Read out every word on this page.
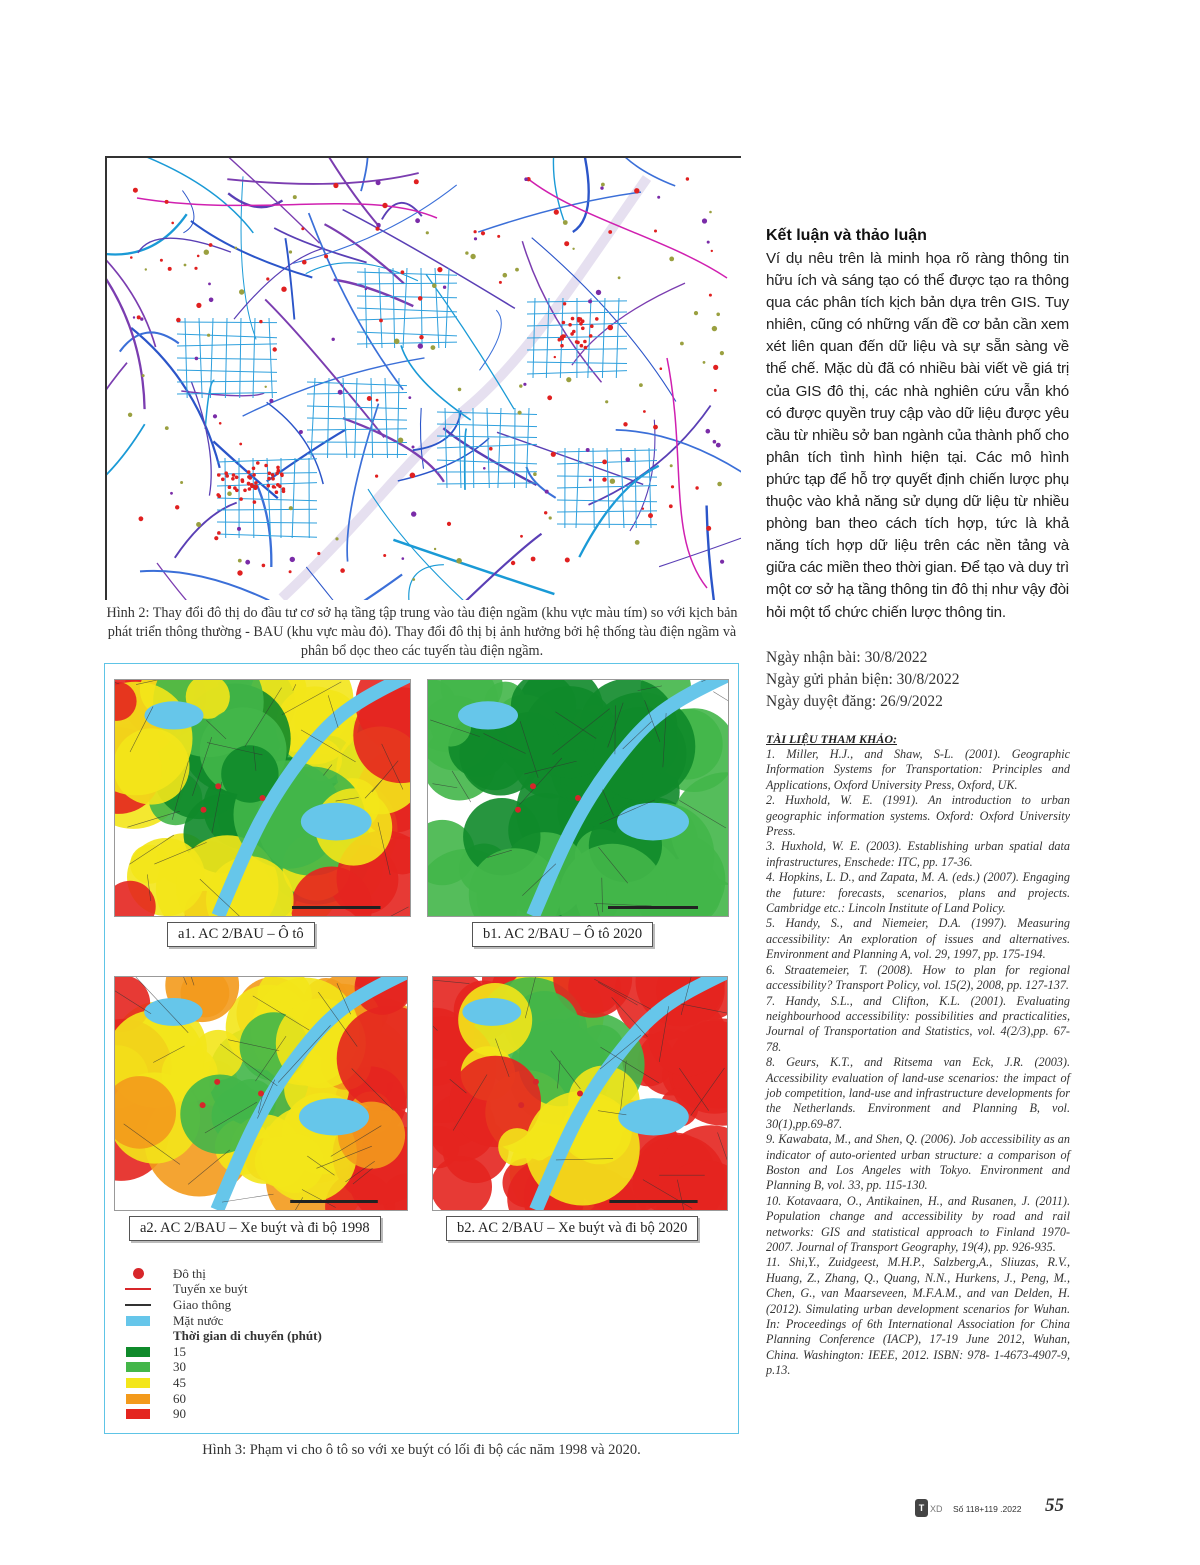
Hình 2: Thay đổi đô thị do đầu tư cơ sở hạ tầng tập trung vào tàu điện ngầm (khu vực màu tím) so với kịch bản phát triển thông thường - BAU (khu vực màu đỏ). Thay đổi đô thị bị ảnh hưởng bởi hệ thống tàu điện ngầm và phân bổ dọc theo các tuyến tàu điện ngầm.
a1. AC 2/BAU – Ô tô	b1. AC 2/BAU – Ô tô 2020
a2. AC 2/BAU – Xe buýt và đi bộ 1998	b2. AC 2/BAU – Xe buýt và đi bộ 2020
Đô thị
Tuyến xe buýt
Giao thông
Mặt nước
Thời gian di chuyển (phút)
15
30
45
60
90
Hình 3: Phạm vi cho ô tô so với xe buýt có lối đi bộ các năm 1998 và 2020.
Kết luận và thảo luận
Ví dụ nêu trên là minh họa rõ ràng thông tin hữu ích và sáng tạo có thể được tạo ra thông qua các phân tích kịch bản dựa trên GIS. Tuy nhiên, cũng có những vấn đề cơ bản cần xem xét liên quan đến dữ liệu và sự sẵn sàng về thể chế. Mặc dù đã có nhiều bài viết về giá trị của GIS đô thị, các nhà nghiên cứu vẫn khó có được quyền truy cập vào dữ liệu được yêu cầu từ nhiều sở ban ngành của thành phố cho phân tích tình hình hiện tại. Các mô hình phức tạp để hỗ trợ quyết định chiến lược phụ thuộc vào khả năng sử dụng dữ liệu từ nhiều phòng ban theo cách tích hợp, tức là khả năng tích hợp dữ liệu trên các nền tảng và giữa các miền theo thời gian. Để tạo và duy trì một cơ sở hạ tầng thông tin đô thị như vậy đòi hỏi một tổ chức chiến lược thông tin.
Ngày nhận bài: 30/8/2022
Ngày gửi phản biện: 30/8/2022
Ngày duyệt đăng: 26/9/2022
TÀI LIỆU THAM KHẢO:

1. Miller, H.J., and Shaw, S-L. (2001). Geographic Information Systems for Transportation: Principles and Applications, Oxford University Press, Oxford, UK.

2. Huxhold, W. E. (1991). An introduction to urban geographic information systems. Oxford: Oxford University Press.

3. Huxhold, W. E. (2003). Establishing urban spatial data infrastructures, Enschede: ITC, pp. 17-36.

4. Hopkins, L. D., and Zapata, M. A. (eds.) (2007). Engaging the future: forecasts, scenarios, plans and projects. Cambridge etc.: Lincoln Institute of Land Policy.

5. Handy, S., and Niemeier, D.A. (1997). Measuring accessibility: An exploration of issues and alternatives. Environment and Planning A, vol. 29, 1997, pp. 175-194.

6. Straatemeier, T. (2008). How to plan for regional accessibility? Transport Policy, vol. 15(2), 2008, pp. 127-137.

7. Handy, S.L., and Clifton, K.L. (2001). Evaluating neighbourhood accessibility: possibilities and practicalities, Journal of Transportation and Statistics, vol. 4(2/3),pp. 67-78.

8. Geurs, K.T., and Ritsema van Eck, J.R. (2003). Accessibility evaluation of land-use scenarios: the impact of job competition, land-use and infrastructure developments for the Netherlands. Environment and Planning B, vol. 30(1),pp.69-87.

9. Kawabata, M., and Shen, Q. (2006). Job accessibility as an indicator of auto-oriented urban structure: a comparison of Boston and Los Angeles with Tokyo. Environment and Planning B, vol. 33, pp. 115-130.

10. Kotavaara, O., Antikainen, H., and Rusanen, J. (2011). Population change and accessibility by road and rail networks: GIS and statistical approach to Finland 1970-2007. Journal of Transport Geography, 19(4), pp. 926-935.

11. Shi,Y., Zuidgeest, M.H.P., Salzberg,A., Sliuzas, R.V., Huang, Z., Zhang, Q., Quang, N.N., Hurkens, J., Peng, M., Chen, G., van Maarseveen, M.F.A.M., and van Delden, H. (2012). Simulating urban development scenarios for Wuhan. In: Proceedings of 6th International Association for China Planning Conference (IACP), 17-19 June 2012, Wuhan, China. Washington: IEEE, 2012. ISBN: 978- 1-4673-4907-9, p.13.

T XD Số 118+119 .2022 55
